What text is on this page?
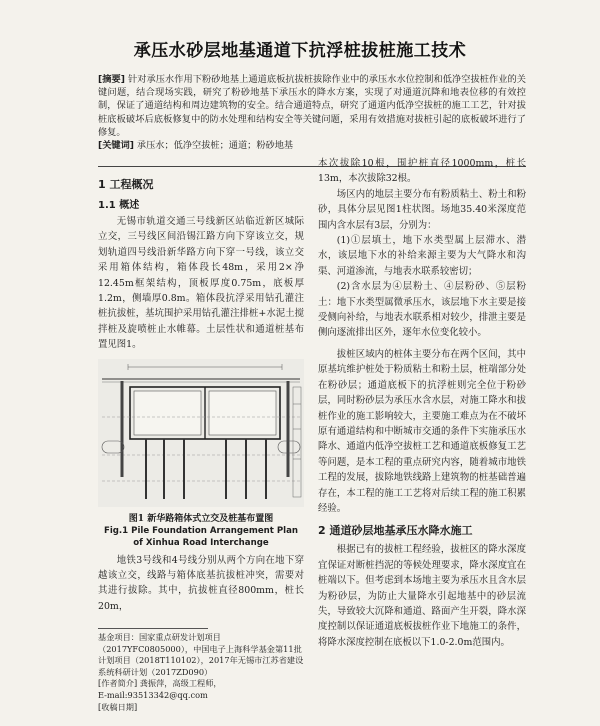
承压水砂层地基通道下抗浮桩拔桩施工技术
[摘要] 针对承压水作用下粉砂地基上通道底板抗拔桩拔除作业中的承压水水位控制和低净空拔桩作业的关键问题，结合现场实践，研究了粉砂地基下承压水的降水方案，实现了对通道沉降和地表位移的有效控制，保证了通道结构和周边建筑物的安全。结合通道特点，研究了通道内低净空拔桩的施工工艺，针对拔桩底板破坏后底板修复中的防水处理和结构安全等关键问题，采用有效措施对拔桩引起的底板破坏进行了修复。
[关键词] 承压水；低净空拔桩；通道；粉砂地基
1 工程概况
1.1 概述

无锡市轨道交通三号线新区站临近新区城际立交，三号线区间沿锡江路方向下穿该立交，规划轨道四号线沿新华路方向下穿一号线，该立交采用箱体结构，箱体段长48m，采用2×净12.45m框架结构，顶板厚度0.75m，底板厚1.2m，侧墙厚0.8m。箱体段抗浮采用钻孔灌注桩抗拔桩，基坑围护采用钻孔灌注排桩+水泥土搅拌桩及旋喷桩止水帷幕。土层性状和通道桩基布置见图1。

图1 新华路箱体式立交及桩基布置图
Fig.1 Pile Foundation Arrangement Plan of Xinhua Road Interchange

地铁3号线和4号线分别从两个方向在地下穿越该立交，线路与箱体底基抗拔桩冲突，需要对其进行拔除。其中，抗拔桩直径800mm，桩长20m，

本次拔除10根，围护桩直径1000mm，桩长13m，本次拔除32根。

场区内的地层主要分布有粉质粘土、粉土和粉砂，具体分层见图1柱状图。场地35.40米深度范围内含水层有3层，分别为：

(1)①层填土，地下水类型属上层滞水、潜水，该层地下水的补给来源主要为大气降水和沟渠、河道渗流，与地表水联系较密切；

(2)含水层为④层粉土、④层粉砂、⑤层粉土：地下水类型属微承压水，该层地下水主要是接受侧向补给，与地表水联系相对较少，排泄主要是侧向逐流排出区外，逐年水位变化较小。

拔桩区域内的桩体主要分布在两个区间，其中原基坑维护桩处于粉质粘土和粉土层，桩端部分处在粉砂层；通道底板下的抗浮桩则完全位于粉砂层，同时粉砂层为承压水含水层，对施工降水和拔桩作业的施工影响较大，主要施工难点为在不破坏原有通道结构和中断城市交通的条件下实施承压水降水、通道内低净空拔桩工艺和通道底板修复工艺等问题，是本工程的重点研究内容，随着城市地铁工程的发展，拔除地铁线路上建筑物的桩基础普遍存在，本工程的施工工艺将对后续工程的施工积累经验。

2 通道砂层地基承压水降水施工

根据已有的拔桩工程经验，拔桩区的降水深度宜保证对断桩挡泥的等候处理要求，降水深度宜在桩端以下。但考虑到本场地主要为承压水且含水层为粉砂层，为防止大量降水引起地基中的砂层流失，导致较大沉降和通道、路面产生开裂，降水深度控制以保证通道底板拔桩作业下地施工的条件，将降水深度控制在底板以下1.0-2.0m范围内。

基金项目：国家重点研发计划项目（2017YFC0805000），中国电子上海科学基金第11批计划项目（2018T110102），2017年无锡市江苏省建设系统科研计划（2017ZD090）
[作者简介] 龚振萍，高级工程师，
E-mail:93513342@qq.com
[收稿日期]
